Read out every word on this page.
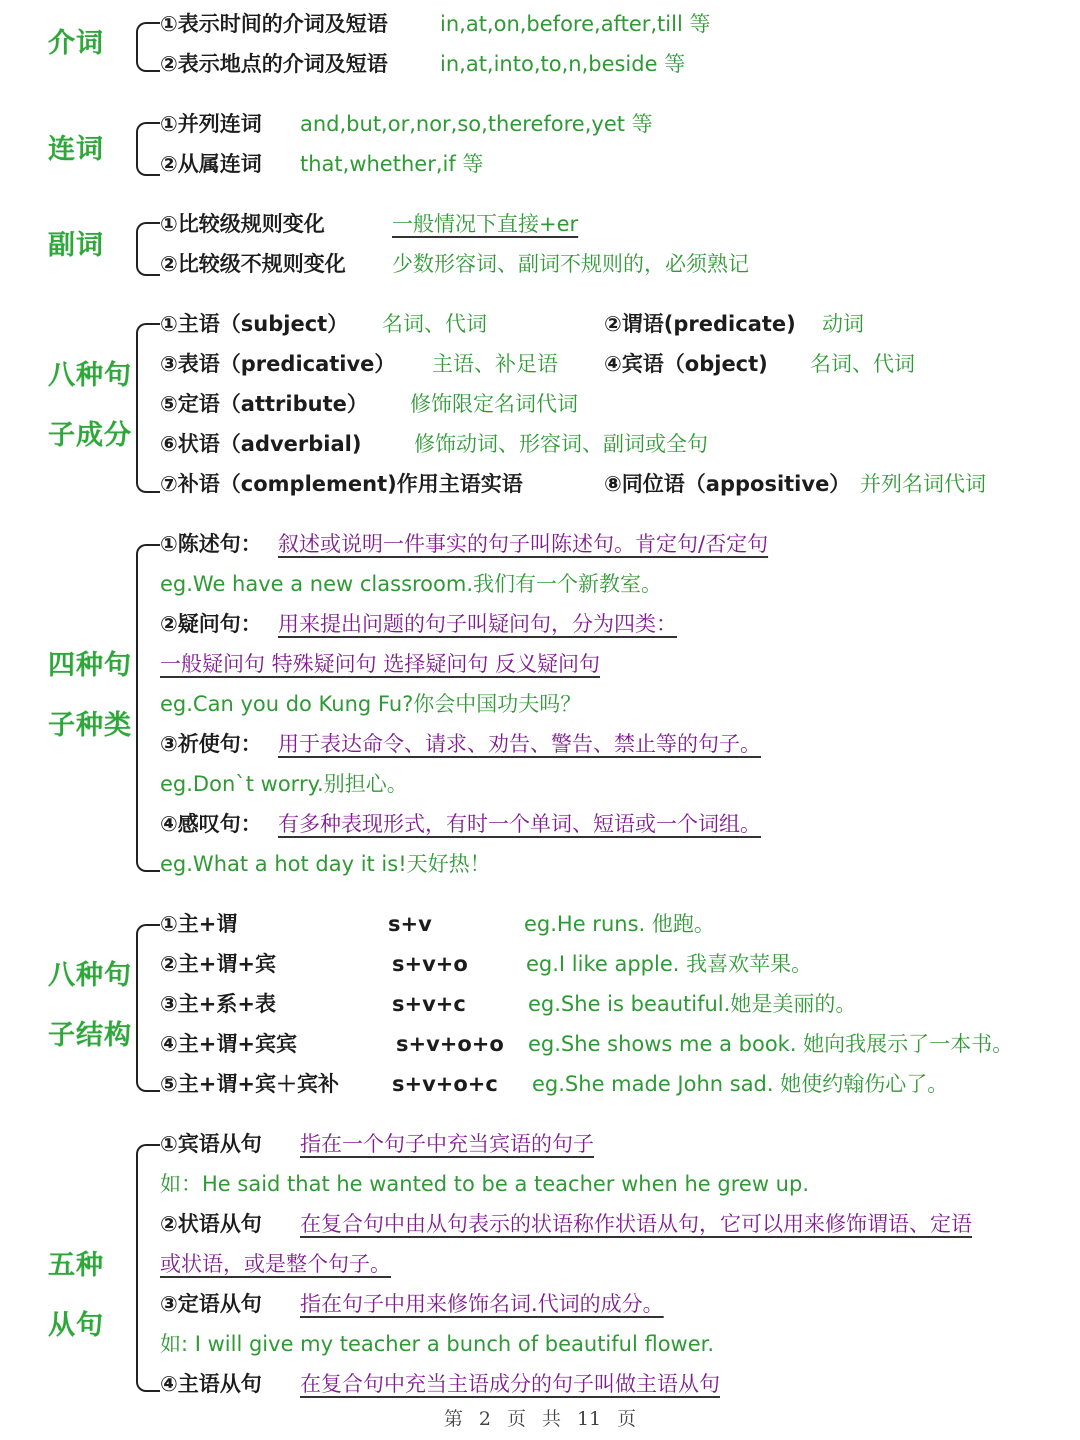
介词
①表示时间的介词及短语 in,at,on,before,after,till 等
②表示地点的介词及短语 in,at,into,to,n,beside 等
连词
①并列连词 and,but,or,nor,so,therefore,yet 等
②从属连词 that,whether,if 等
副词
①比较级规则变化	一般情况下直接+er
②比较级不规则变化 少数形容词、副词不规则的，必须熟记
八种句
子成分
①主语（subject） 名词、代词	②谓语(predicate) 动词
③表语（predicative） 主语、补足语 ④宾语（object) 名词、代词
⑤定语（attribute） 修饰限定名词代词
⑥状语（adverbial)	修饰动词、形容词、副词或全句
⑦补语（complement)作用主语实语	⑧同位语（appositive） 并列名词代词
四种句
子种类
①陈述句： 叙述或说明一件事实的句子叫陈述句。肯定句/否定句
eg.We have a new classroom.我们有一个新教室。
②疑问句： 用来提出问题的句子叫疑问句，分为四类：
一般疑问句 特殊疑问句 选择疑问句 反义疑问句
eg.Can you do Kung Fu?你会中国功夫吗？
③祈使句： 用于表达命令、请求、劝告、警告、禁止等的句子。
eg.Don`t worry.别担心。
④感叹句： 有多种表现形式，有时一个单词、短语或一个词组。
eg.What a hot day it is!天好热！
八种句
子结构
①主+谓	s+v	eg.He runs. 他跑。
②主+谓+宾	s+v+o	eg.I like apple. 我喜欢苹果。
③主+系+表	s+v+c	eg.She is beautiful.她是美丽的。
④主+谓+宾宾	s+v+o+o eg.She shows me a book. 她向我展示了一本书。
⑤主+谓+宾＋宾补	s+v+o+c eg.She made John sad. 她使约翰伤心了。
五种
从句
①宾语从句 指在一个句子中充当宾语的句子
如：He said that he wanted to be a teacher when he grew up.
②状语从句 在复合句中由从句表示的状语称作状语从句，它可以用来修饰谓语、定语
或状语，或是整个句子。
③定语从句 指在句子中用来修饰名词.代词的成分。
如: I will give my teacher a bunch of beautiful flower.
④主语从句 在复合句中充当主语成分的句子叫做主语从句
第 2 页 共 11 页
